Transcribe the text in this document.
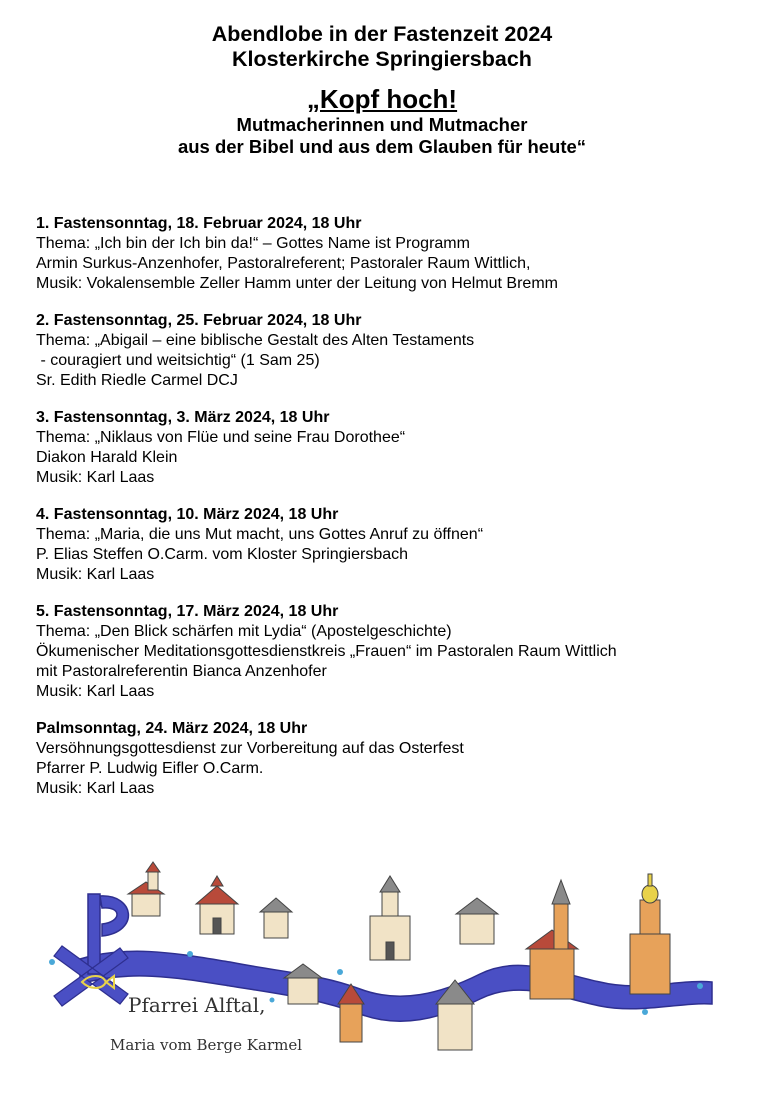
Abendlobe in der Fastenzeit 2024
Klosterkirche Springiersbach
„Kopf hoch!
Mutmacherinnen und Mutmacher
aus der Bibel und aus dem Glauben für heute“
1. Fastensonntag, 18. Februar 2024, 18 Uhr
Thema: „Ich bin der Ich bin da!“ – Gottes Name ist Programm
Armin Surkus-Anzenhofer, Pastoralreferent; Pastoraler Raum Wittlich,
Musik: Vokalensemble Zeller Hamm unter der Leitung von Helmut Bremm
2. Fastensonntag, 25. Februar 2024, 18 Uhr
Thema: „Abigail – eine biblische Gestalt des Alten Testaments
- couragiert und weitsichtig“ (1 Sam 25)
Sr. Edith Riedle Carmel DCJ
3. Fastensonntag, 3. März 2024, 18 Uhr
Thema: „Niklaus von Flüe und seine Frau Dorothee“
Diakon Harald Klein
Musik: Karl Laas
4. Fastensonntag, 10. März 2024, 18 Uhr
Thema: „Maria, die uns Mut macht, uns Gottes Anruf zu öffnen“
P. Elias Steffen O.Carm. vom Kloster Springiersbach
Musik: Karl Laas
5. Fastensonntag, 17. März 2024, 18 Uhr
Thema: „Den Blick schärfen mit Lydia“ (Apostelgeschichte)
Ökumenischer Meditationsgottesdienstkreis „Frauen“ im Pastoralen Raum Wittlich
mit Pastoralreferentin Bianca Anzenhofer
Musik: Karl Laas
Palmsonntag, 24. März 2024, 18 Uhr
Versöhnungsgottesdienst zur Vorbereitung auf das Osterfest
Pfarrer P. Ludwig Eifler O.Carm.
Musik: Karl Laas
Pfarrei Alftal,
Maria vom Berge Karmel
